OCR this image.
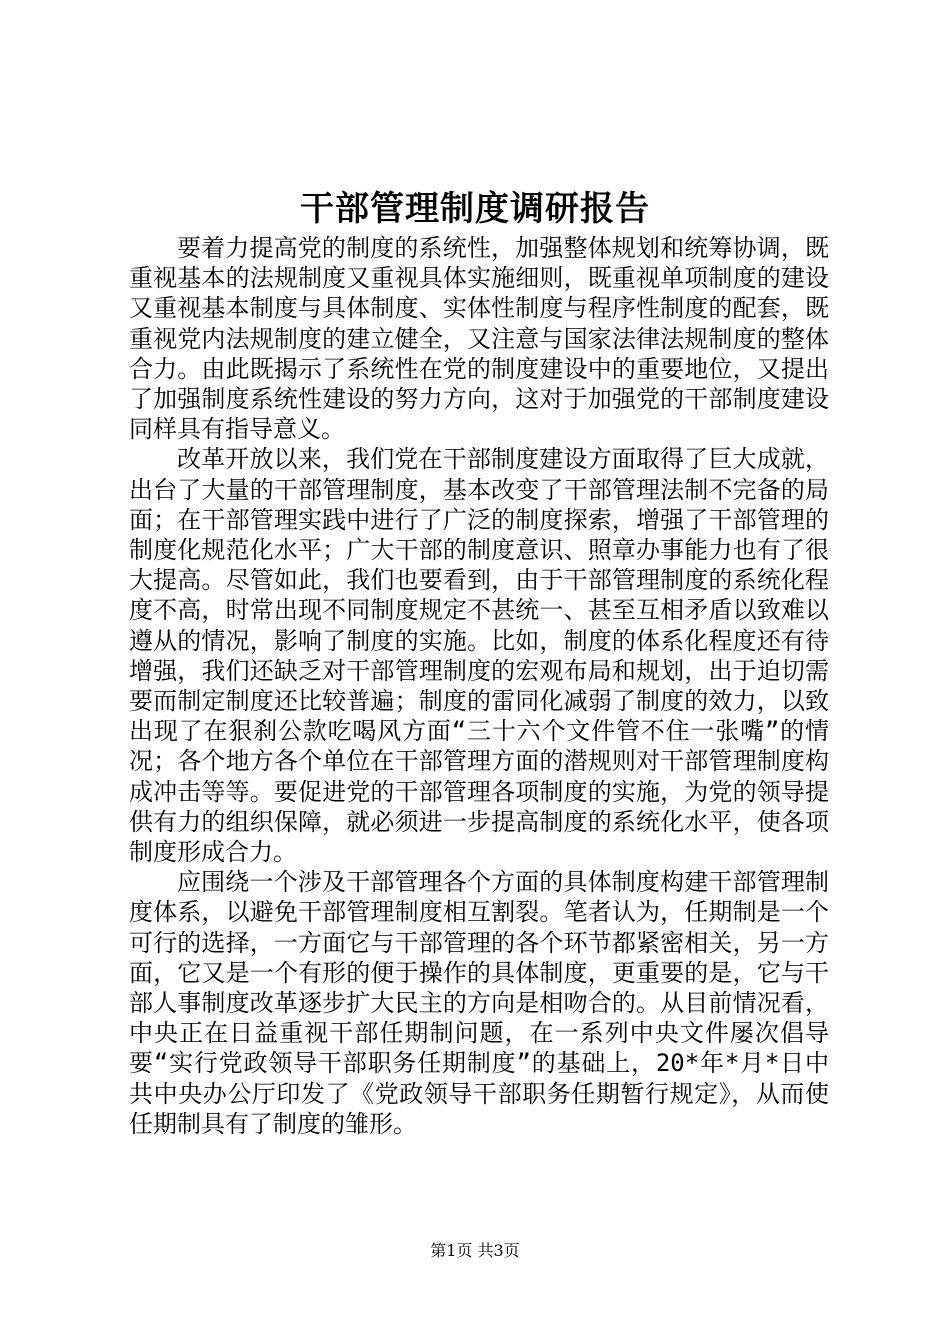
干部管理制度调研报告

要着力提高党的制度的系统性，加强整体规划和统筹协调，既重视基本的法规制度又重视具体实施细则，既重视单项制度的建设又重视基本制度与具体制度、实体性制度与程序性制度的配套，既重视党内法规制度的建立健全，又注意与国家法律法规制度的整体合力。由此既揭示了系统性在党的制度建设中的重要地位，又提出了加强制度系统性建设的努力方向，这对于加强党的干部制度建设同样具有指导意义。

改革开放以来，我们党在干部制度建设方面取得了巨大成就，出台了大量的干部管理制度，基本改变了干部管理法制不完备的局面；在干部管理实践中进行了广泛的制度探索，增强了干部管理的制度化规范化水平；广大干部的制度意识、照章办事能力也有了很大提高。尽管如此，我们也要看到，由于干部管理制度的系统化程度不高，时常出现不同制度规定不甚统一、甚至互相矛盾以致难以遵从的情况，影响了制度的实施。比如，制度的体系化程度还有待增强，我们还缺乏对干部管理制度的宏观布局和规划，出于迫切需要而制定制度还比较普遍；制度的雷同化减弱了制度的效力，以致出现了在狠刹公款吃喝风方面“三十六个文件管不住一张嘴”的情况；各个地方各个单位在干部管理方面的潜规则对干部管理制度构成冲击等等。要促进党的干部管理各项制度的实施，为党的领导提供有力的组织保障，就必须进一步提高制度的系统化水平，使各项制度形成合力。

应围绕一个涉及干部管理各个方面的具体制度构建干部管理制度体系，以避免干部管理制度相互割裂。笔者认为，任期制是一个可行的选择，一方面它与干部管理的各个环节都紧密相关，另一方面，它又是一个有形的便于操作的具体制度，更重要的是，它与干部人事制度改革逐步扩大民主的方向是相吻合的。从目前情况看，中央正在日益重视干部任期制问题，在一系列中央文件屡次倡导要“实行党政领导干部职务任期制度”的基础上，20*年*月*日中共中央办公厅印发了《党政领导干部职务任期暂行规定》，从而使任期制具有了制度的雏形。

第1页 共3页
